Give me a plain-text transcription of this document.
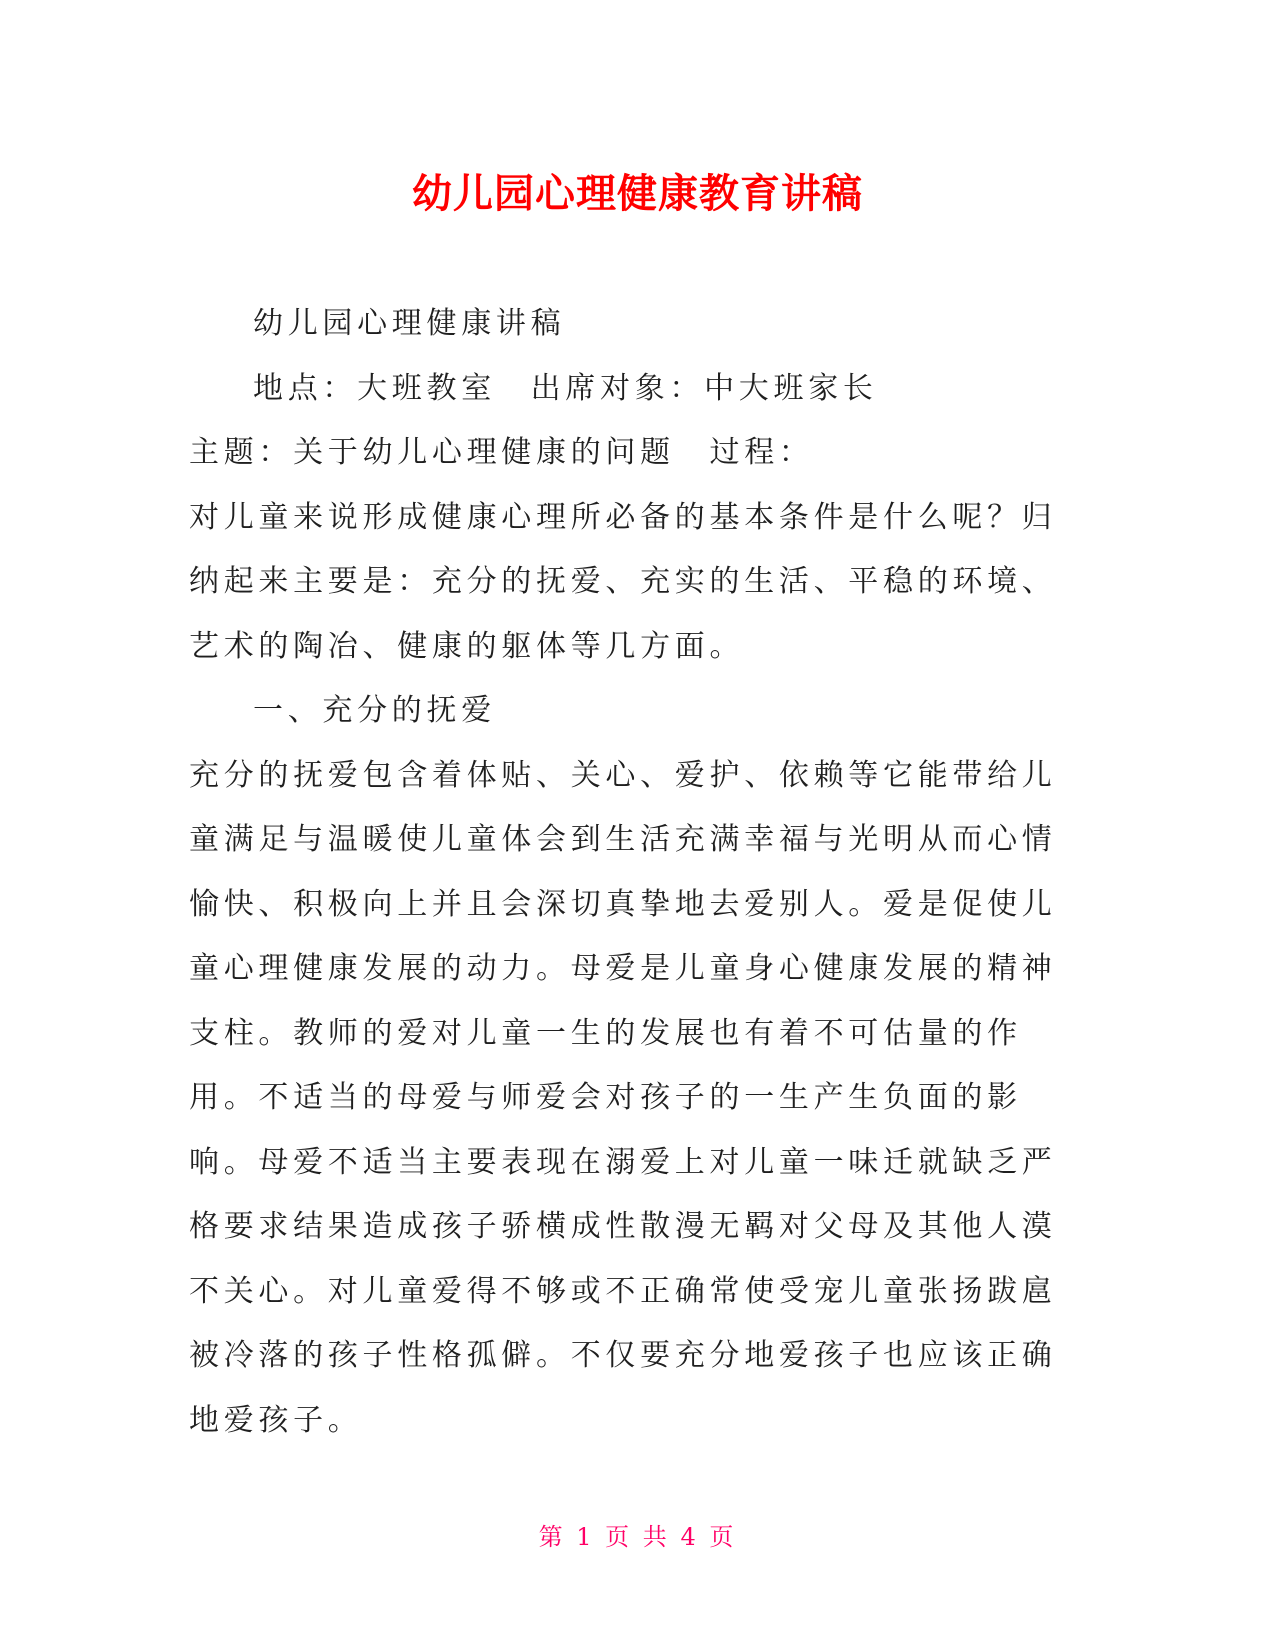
幼儿园心理健康教育讲稿

幼儿园心理健康讲稿

地点：大班教室　出席对象：中大班家长

主题：关于幼儿心理健康的问题　过程：

对儿童来说形成健康心理所必备的基本条件是什么呢？归纳起来主要是：充分的抚爱、充实的生活、平稳的环境、艺术的陶冶、健康的躯体等几方面。

一、充分的抚爱

充分的抚爱包含着体贴、关心、爱护、依赖等它能带给儿童满足与温暖使儿童体会到生活充满幸福与光明从而心情愉快、积极向上并且会深切真挚地去爱别人。爱是促使儿童心理健康发展的动力。母爱是儿童身心健康发展的精神支柱。教师的爱对儿童一生的发展也有着不可估量的作用。不适当的母爱与师爱会对孩子的一生产生负面的影响。母爱不适当主要表现在溺爱上对儿童一味迁就缺乏严格要求结果造成孩子骄横成性散漫无羁对父母及其他人漠不关心。对儿童爱得不够或不正确常使受宠儿童张扬跋扈被冷落的孩子性格孤僻。不仅要充分地爱孩子也应该正确地爱孩子。

第 1 页 共 4 页
